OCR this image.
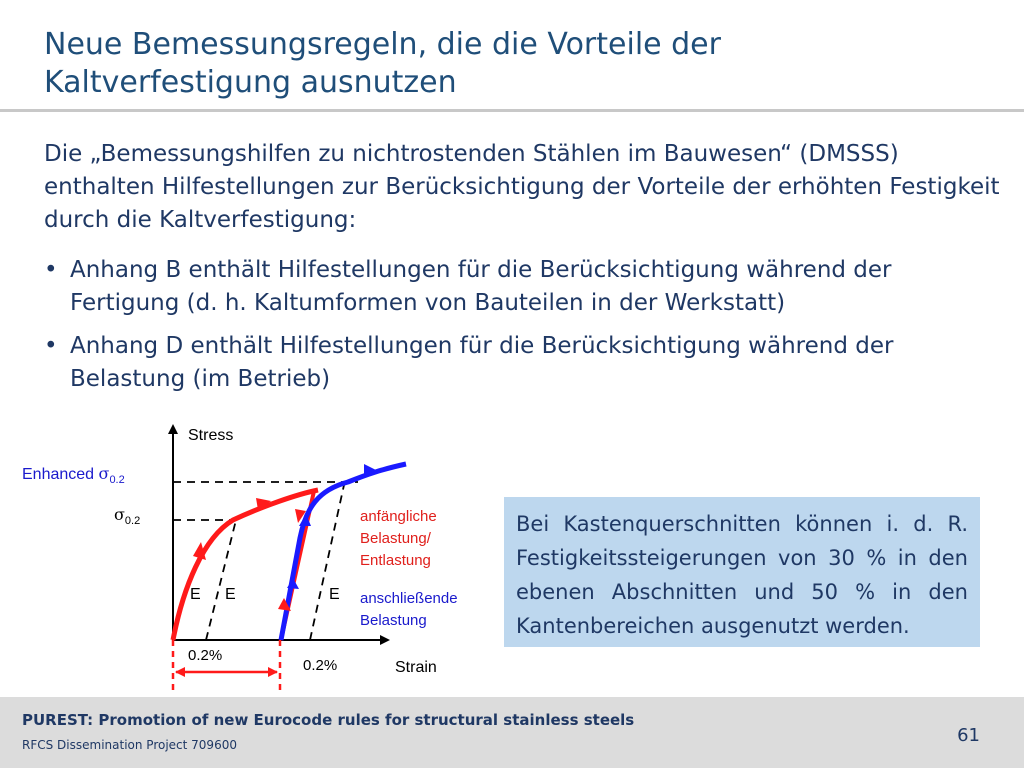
Neue Bemessungsregeln, die die Vorteile der
Kaltverfestigung ausnutzen
Die „Bemessungshilfen zu nichtrostenden Stählen im Bauwesen“ (DMSSS) enthalten Hilfestellungen zur Berücksichtigung der Vorteile der erhöhten Festigkeit durch die Kaltverfestigung:
• Anhang B enthält Hilfestellungen für die Berücksichtigung während der Fertigung (d. h. Kaltumformen von Bauteilen in der Werkstatt)
• Anhang D enthält Hilfestellungen für die Berücksichtigung während der Belastung (im Betrieb)
Stress
Strain
Enhanced $\sigma_{0.2}$
$\sigma_{0.2}$
E E	E
0.2%
0.2%
anfängliche Belastung/ Entlastung
anschließende Belastung
Bei Kastenquerschnitten können i. d. R. Festigkeitssteigerungen von 30 % in den ebenen Abschnitten und 50 % in den Kantenbereichen ausgenutzt werden.
PUREST: Promotion of new Eurocode rules for structural stainless steels
RFCS Dissemination Project 709600	61
